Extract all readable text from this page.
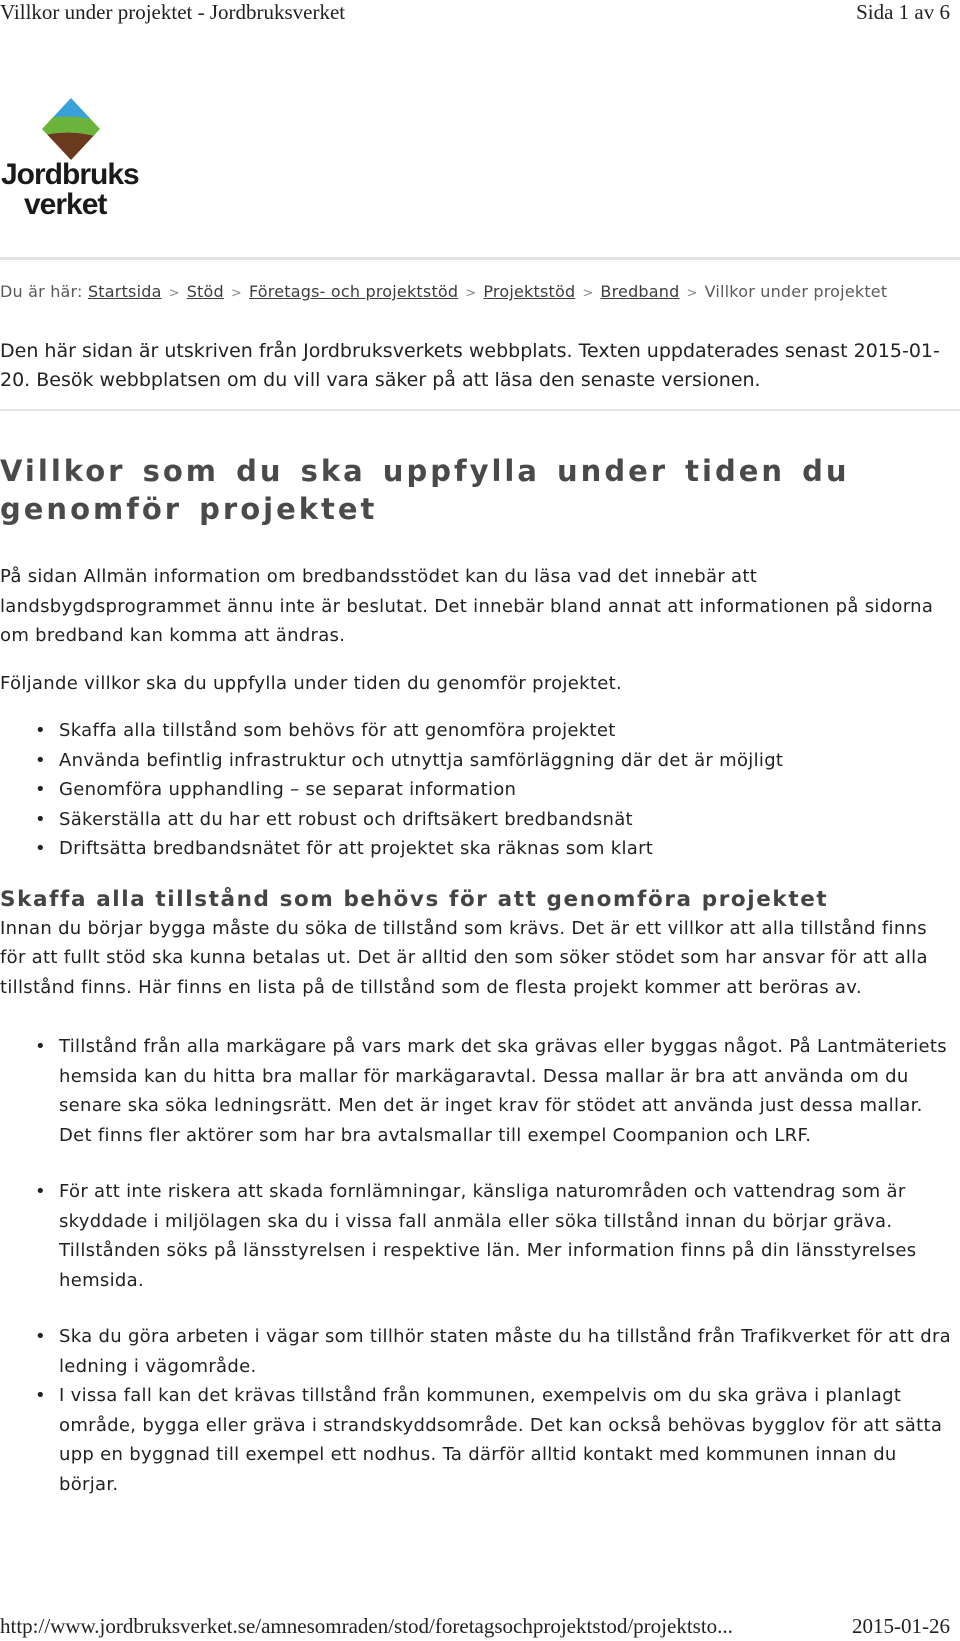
Villkor under projektet - Jordbruksverket	Sida 1 av 6
Jordbruks
verket
Du är här: Startsida > Stöd > Företags- och projektstöd > Projektstöd > Bredband > Villkor under projektet
Den här sidan är utskriven från Jordbruksverkets webbplats. Texten uppdaterades senast 2015-01-20. Besök webbplatsen om du vill vara säker på att läsa den senaste versionen.
Villkor som du ska uppfylla under tiden du genomför projektet

På sidan Allmän information om bredbandsstödet kan du läsa vad det innebär att landsbygdsprogrammet ännu inte är beslutat. Det innebär bland annat att informationen på sidorna om bredband kan komma att ändras.

Följande villkor ska du uppfylla under tiden du genomför projektet.

• Skaffa alla tillstånd som behövs för att genomföra projektet
• Använda befintlig infrastruktur och utnyttja samförläggning där det är möjligt
• Genomföra upphandling – se separat information
• Säkerställa att du har ett robust och driftsäkert bredbandsnät
• Driftsätta bredbandsnätet för att projektet ska räknas som klart
Skaffa alla tillstånd som behövs för att genomföra projektet

Innan du börjar bygga måste du söka de tillstånd som krävs. Det är ett villkor att alla tillstånd finns för att fullt stöd ska kunna betalas ut. Det är alltid den som söker stödet som har ansvar för att alla tillstånd finns. Här finns en lista på de tillstånd som de flesta projekt kommer att beröras av.

• Tillstånd från alla markägare på vars mark det ska grävas eller byggas något. På Lantmäteriets hemsida kan du hitta bra mallar för markägaravtal. Dessa mallar är bra att använda om du senare ska söka ledningsrätt. Men det är inget krav för stödet att använda just dessa mallar. Det finns fler aktörer som har bra avtalsmallar till exempel Coompanion och LRF.
• För att inte riskera att skada fornlämningar, känsliga naturområden och vattendrag som är skyddade i miljölagen ska du i vissa fall anmäla eller söka tillstånd innan du börjar gräva. Tillstånden söks på länsstyrelsen i respektive län. Mer information finns på din länsstyrelses hemsida.
• Ska du göra arbeten i vägar som tillhör staten måste du ha tillstånd från Trafikverket för att dra ledning i vägområde.
• I vissa fall kan det krävas tillstånd från kommunen, exempelvis om du ska gräva i planlagt område, bygga eller gräva i strandskyddsområde. Det kan också behövas bygglov för att sätta upp en byggnad till exempel ett nodhus. Ta därför alltid kontakt med kommunen innan du börjar.
http://www.jordbruksverket.se/amnesomraden/stod/foretagsochprojektstod/projektsto...	2015-01-26
